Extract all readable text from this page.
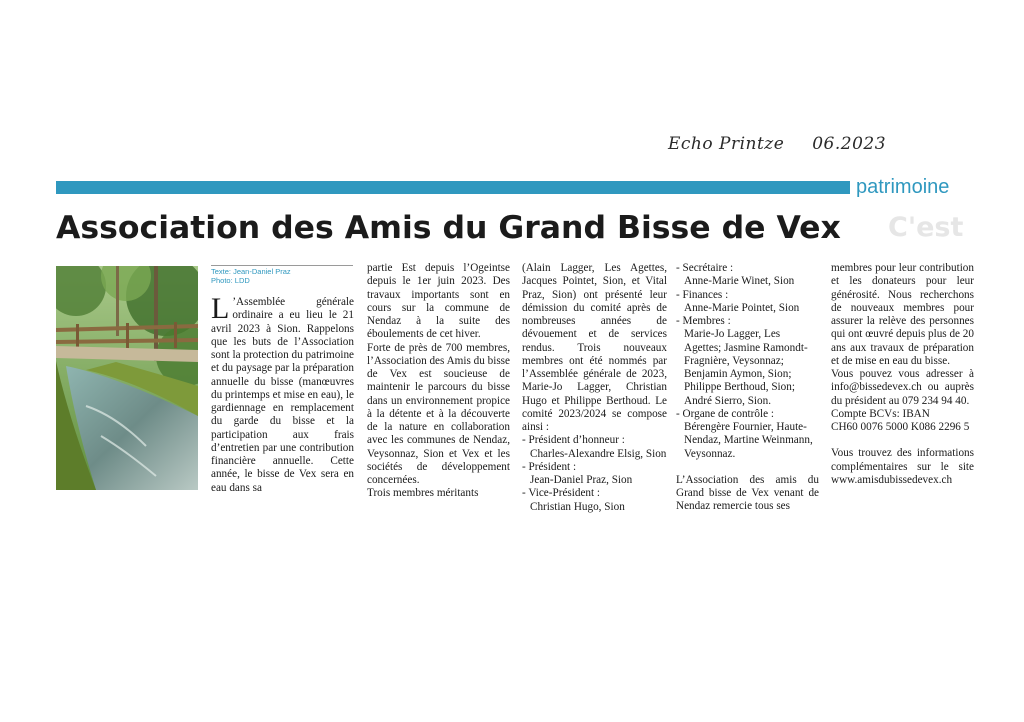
Echo Printze 06.2023
patrimoine
C'est
Association des Amis du Grand Bisse de Vex
Texte: Jean-Daniel Praz
Photo: LDD

L ’Assemblée générale ordinaire a eu lieu le 21 avril 2023 à Sion. Rappelons que les buts de l’Association sont la protection du patrimoine et du paysage par la préparation annuelle du bisse (manœuvres du printemps et mise en eau), le gardiennage en remplacement du garde du bisse et la participation aux frais d’entretien par une contribution financière annuelle. Cette année, le bisse de Vex sera en eau dans sa

partie Est depuis l’Ogeintse depuis le 1er juin 2023. Des travaux importants sont en cours sur la commune de Nendaz à la suite des éboulements de cet hiver.

Forte de près de 700 membres, l’Association des Amis du bisse de Vex est soucieuse de maintenir le parcours du bisse dans un environnement propice à la détente et à la découverte de la nature en collaboration avec les communes de Nendaz, Veysonnaz, Sion et Vex et les sociétés de développement concernées.

Trois membres méritants

(Alain Lagger, Les Agettes, Jacques Pointet, Sion, et Vital Praz, Sion) ont présenté leur démission du comité après de nombreuses années de dévouement et de services rendus. Trois nouveaux membres ont été nommés par l’Assemblée générale de 2023, Marie-Jo Lagger, Christian Hugo et Philippe Berthoud. Le comité 2023/2024 se compose ainsi :

- Président d’honneur :
Charles-Alexandre Elsig, Sion
- Président :
Jean-Daniel Praz, Sion
- Vice-Président :
Christian Hugo, Sion
- Secrétaire :
Anne-Marie Winet, Sion
- Finances :
Anne-Marie Pointet, Sion
- Membres :
Marie-Jo Lagger, Les Agettes; Jasmine Ramondt-Fragnière, Veysonnaz; Benjamin Aymon, Sion; Philippe Berthoud, Sion; André Sierro, Sion.
- Organe de contrôle :
Bérengère Fournier, Haute-Nendaz, Martine Weinmann, Veysonnaz.

L’Association des amis du Grand bisse de Vex venant de Nendaz remercie tous ses

membres pour leur contribution et les donateurs pour leur générosité. Nous recherchons de nouveaux membres pour assurer la relève des personnes qui ont œuvré depuis plus de 20 ans aux travaux de préparation et de mise en eau du bisse.

Vous pouvez vous adresser à info@bissedevex.ch ou auprès du président au 079 234 94 40.

Compte BCVs: IBAN

CH60 0076 5000 K086 2296 5

Vous trouvez des informations complémentaires sur le site www.amisdubissedevex.ch
